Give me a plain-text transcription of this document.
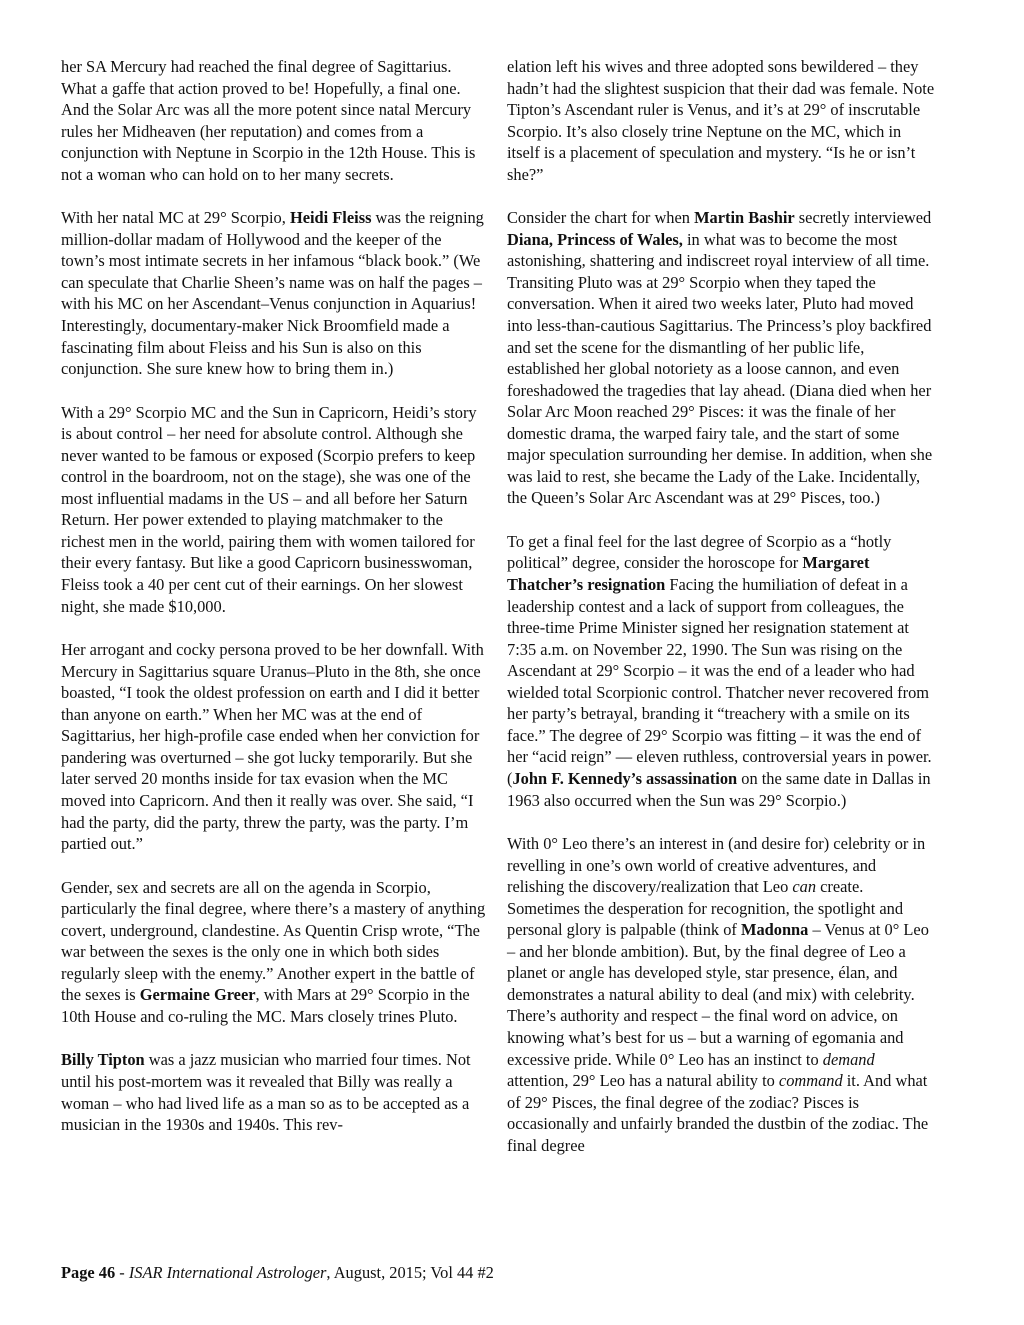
her SA Mercury had reached the final degree of Sagittarius. What a gaffe that action proved to be! Hopefully, a final one. And the Solar Arc was all the more potent since natal Mercury rules her Midheaven (her reputation) and comes from a conjunction with Neptune in Scorpio in the 12th House. This is not a woman who can hold on to her many secrets.

With her natal MC at 29° Scorpio, Heidi Fleiss was the reigning million-dollar madam of Hollywood and the keeper of the town’s most intimate secrets in her infamous “black book.” (We can speculate that Charlie Sheen’s name was on half the pages – with his MC on her Ascendant–Venus conjunction in Aquarius! Interestingly, documentary-maker Nick Broomfield made a fascinating film about Fleiss and his Sun is also on this conjunction. She sure knew how to bring them in.)

With a 29° Scorpio MC and the Sun in Capricorn, Heidi’s story is about control – her need for absolute control. Although she never wanted to be famous or exposed (Scorpio prefers to keep control in the boardroom, not on the stage), she was one of the most influential madams in the US – and all before her Saturn Return. Her power extended to playing matchmaker to the richest men in the world, pairing them with women tailored for their every fantasy. But like a good Capricorn businesswoman, Fleiss took a 40 per cent cut of their earnings. On her slowest night, she made $10,000.

Her arrogant and cocky persona proved to be her downfall. With Mercury in Sagittarius square Uranus–Pluto in the 8th, she once boasted, “I took the oldest profession on earth and I did it better than anyone on earth.” When her MC was at the end of Sagittarius, her high-profile case ended when her conviction for pandering was overturned – she got lucky temporarily. But she later served 20 months inside for tax evasion when the MC moved into Capricorn. And then it really was over. She said, “I had the party, did the party, threw the party, was the party. I’m partied out.”

Gender, sex and secrets are all on the agenda in Scorpio, particularly the final degree, where there’s a mastery of anything covert, underground, clandestine. As Quentin Crisp wrote, “The war between the sexes is the only one in which both sides regularly sleep with the enemy.” Another expert in the battle of the sexes is Germaine Greer, with Mars at 29° Scorpio in the 10th House and co-ruling the MC. Mars closely trines Pluto.

Billy Tipton was a jazz musician who married four times. Not until his post-mortem was it revealed that Billy was really a woman – who had lived life as a man so as to be accepted as a musician in the 1930s and 1940s. This rev-

elation left his wives and three adopted sons bewildered – they hadn’t had the slightest suspicion that their dad was female. Note Tipton’s Ascendant ruler is Venus, and it’s at 29° of inscrutable Scorpio. It’s also closely trine Neptune on the MC, which in itself is a placement of speculation and mystery. “Is he or isn’t she?”

Consider the chart for when Martin Bashir secretly interviewed Diana, Princess of Wales, in what was to become the most astonishing, shattering and indiscreet royal interview of all time. Transiting Pluto was at 29° Scorpio when they taped the conversation. When it aired two weeks later, Pluto had moved into less-than-cautious Sagittarius. The Princess’s ploy backfired and set the scene for the dismantling of her public life, established her global notoriety as a loose cannon, and even foreshadowed the tragedies that lay ahead. (Diana died when her Solar Arc Moon reached 29° Pisces: it was the finale of her domestic drama, the warped fairy tale, and the start of some major speculation surrounding her demise. In addition, when she was laid to rest, she became the Lady of the Lake. Incidentally, the Queen’s Solar Arc Ascendant was at 29° Pisces, too.)

To get a final feel for the last degree of Scorpio as a “hotly political” degree, consider the horoscope for Margaret Thatcher’s resignation Facing the humiliation of defeat in a leadership contest and a lack of support from colleagues, the three-time Prime Minister signed her resignation statement at 7:35 a.m. on November 22, 1990. The Sun was rising on the Ascendant at 29° Scorpio – it was the end of a leader who had wielded total Scorpionic control. Thatcher never recovered from her party’s betrayal, branding it “treachery with a smile on its face.” The degree of 29° Scorpio was fitting – it was the end of her “acid reign” — eleven ruthless, controversial years in power. (John F. Kennedy’s assassination on the same date in Dallas in 1963 also occurred when the Sun was 29° Scorpio.)

With 0° Leo there’s an interest in (and desire for) celebrity or in revelling in one’s own world of creative adventures, and relishing the discovery/realization that Leo can create. Sometimes the desperation for recognition, the spotlight and personal glory is palpable (think of Madonna – Venus at 0° Leo – and her blonde ambition). But, by the final degree of Leo a planet or angle has developed style, star presence, élan, and demonstrates a natural ability to deal (and mix) with celebrity. There’s authority and respect – the final word on advice, on knowing what’s best for us – but a warning of egomania and excessive pride. While 0° Leo has an instinct to demand attention, 29° Leo has a natural ability to command it. And what of 29° Pisces, the final degree of the zodiac? Pisces is occasionally and unfairly branded the dustbin of the zodiac. The final degree

Page 46 - ISAR International Astrologer, August, 2015; Vol 44 #2
